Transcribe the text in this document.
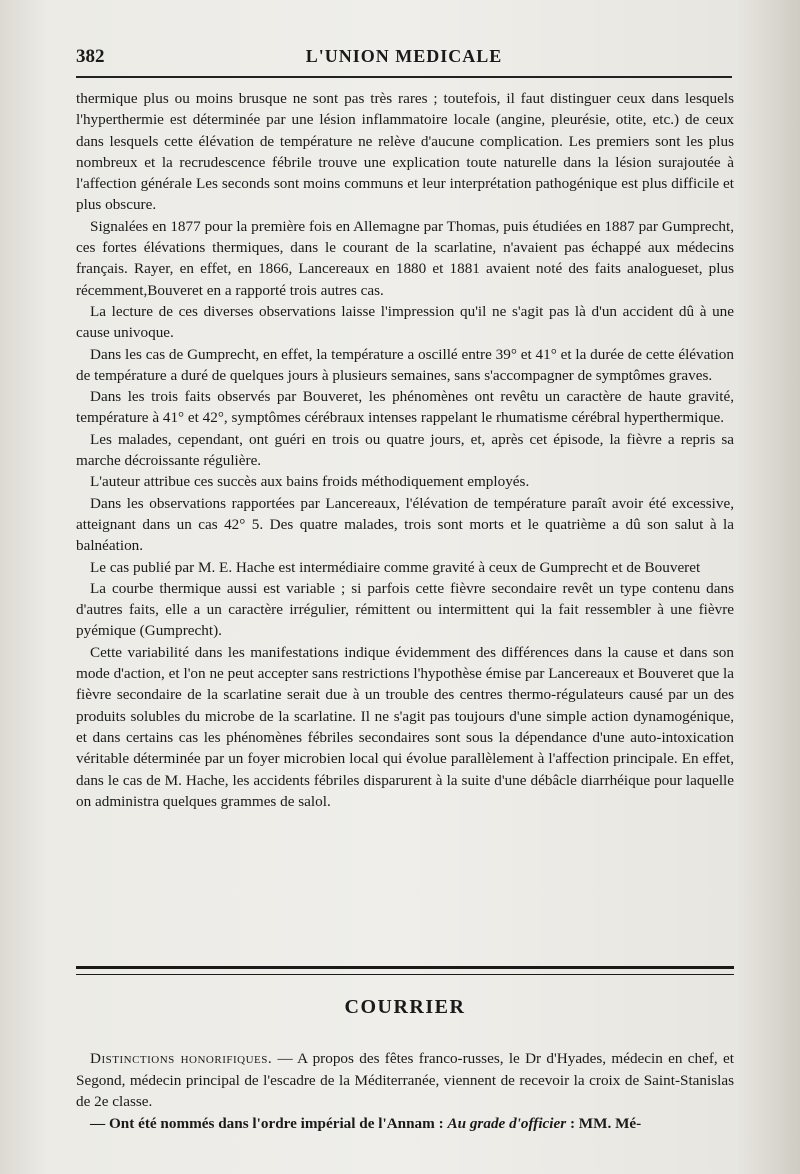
382	L'UNION MEDICALE

thermique plus ou moins brusque ne sont pas très rares ; toutefois, il faut distinguer ceux dans lesquels l'hyperthermie est déterminée par une lésion inflammatoire locale (angine, pleurésie, otite, etc.) de ceux dans lesquels cette élévation de température ne relève d'aucune complication. Les premiers sont les plus nombreux et la recrudescence fébrile trouve une explication toute naturelle dans la lésion surajoutée à l'affection générale Les seconds sont moins communs et leur interprétation pathogénique est plus difficile et plus obscure.

Signalées en 1877 pour la première fois en Allemagne par Thomas, puis étudiées en 1887 par Gumprecht, ces fortes élévations thermiques, dans le courant de la scarlatine, n'avaient pas échappé aux médecins français. Rayer, en effet, en 1866, Lancereaux en 1880 et 1881 avaient noté des faits analogueset, plus récemment,Bouveret en a rapporté trois autres cas.

La lecture de ces diverses observations laisse l'impression qu'il ne s'agit pas là d'un accident dû à une cause univoque.

Dans les cas de Gumprecht, en effet, la température a oscillé entre 39° et 41° et la durée de cette élévation de température a duré de quelques jours à plusieurs semaines, sans s'accompagner de symptômes graves.

Dans les trois faits observés par Bouveret, les phénomènes ont revêtu un caractère de haute gravité, température à 41° et 42°, symptômes cérébraux intenses rappelant le rhumatisme cérébral hyperthermique.

Les malades, cependant, ont guéri en trois ou quatre jours, et, après cet épisode, la fièvre a repris sa marche décroissante régulière.

L'auteur attribue ces succès aux bains froids méthodiquement employés.

Dans les observations rapportées par Lancereaux, l'élévation de température paraît avoir été excessive, atteignant dans un cas 42° 5. Des quatre malades, trois sont morts et le quatrième a dû son salut à la balnéation.

Le cas publié par M. E. Hache est intermédiaire comme gravité à ceux de Gumprecht et de Bouveret

La courbe thermique aussi est variable ; si parfois cette fièvre secondaire revêt un type contenu dans d'autres faits, elle a un caractère irrégulier, rémittent ou intermittent qui la fait ressembler à une fièvre pyémique (Gumprecht).

Cette variabilité dans les manifestations indique évidemment des différences dans la cause et dans son mode d'action, et l'on ne peut accepter sans restrictions l'hypothèse émise par Lancereaux et Bouveret que la fièvre secondaire de la scarlatine serait due à un trouble des centres thermo-régulateurs causé par un des produits solubles du microbe de la scarlatine. Il ne s'agit pas toujours d'une simple action dynamogénique, et dans certains cas les phénomènes fébriles secondaires sont sous la dépendance d'une auto-intoxication véritable déterminée par un foyer microbien local qui évolue parallèlement à l'affection principale. En effet, dans le cas de M. Hache, les accidents fébriles disparurent à la suite d'une débâcle diarrhéique pour laquelle on administra quelques grammes de salol.

COURRIER

Distinctions honorifiques. — A propos des fêtes franco-russes, le Dr d'Hyades, médecin en chef, et Segond, médecin principal de l'escadre de la Méditerranée, viennent de recevoir la croix de Saint-Stanislas de 2e classe.

— Ont été nommés dans l'ordre impérial de l'Annam : Au grade d'officier : MM. Mé-
